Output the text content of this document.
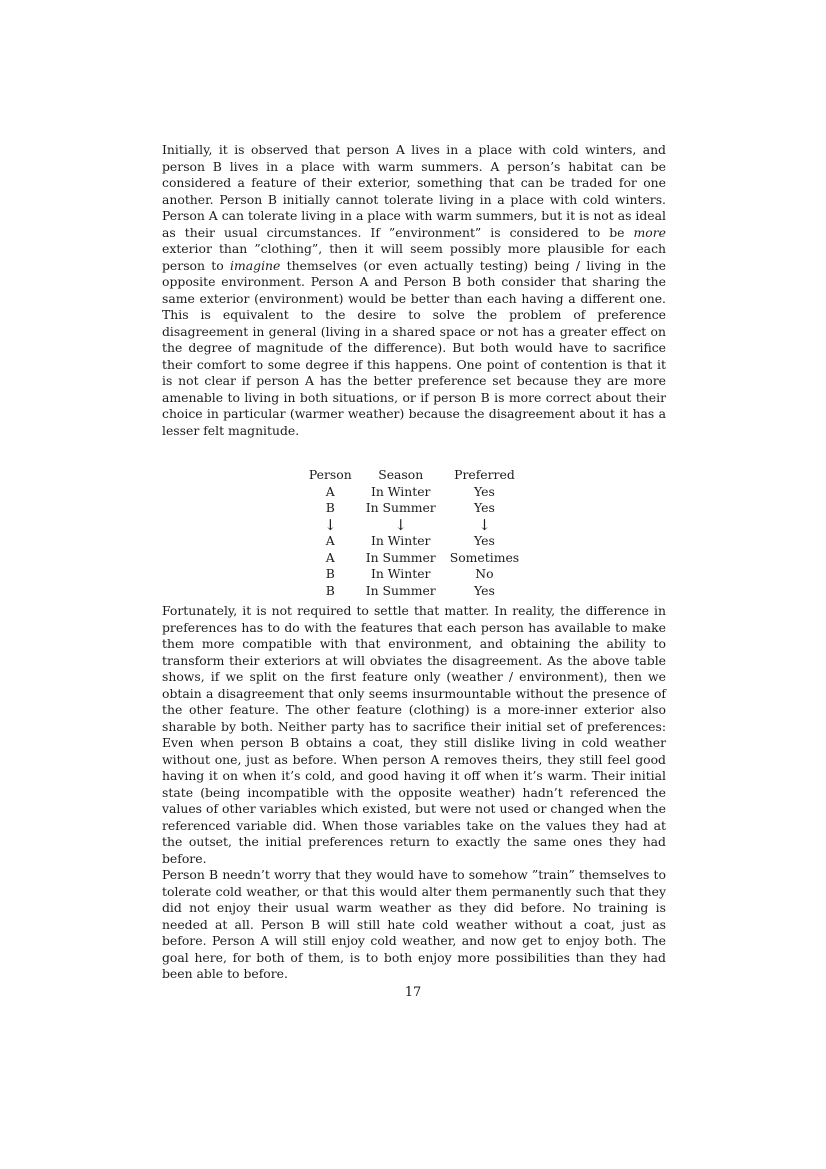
Initially, it is observed that person A lives in a place with cold winters, and person B lives in a place with warm summers. A person’s habitat can be considered a feature of their exterior, something that can be traded for one another. Person B initially cannot tolerate living in a place with cold winters. Person A can tolerate living in a place with warm summers, but it is not as ideal as their usual circumstances. If ”environment” is considered to be more exterior than ”clothing”, then it will seem possibly more plausible for each person to imagine themselves (or even actually testing) being / living in the opposite environment. Person A and Person B both consider that sharing the same exterior (environment) would be better than each having a different one. This is equivalent to the desire to solve the problem of preference disagreement in general (living in a shared space or not has a greater effect on the degree of magnitude of the difference). But both would have to sacrifice their comfort to some degree if this happens. One point of contention is that it is not clear if person A has the better preference set because they are more amenable to living in both situations, or if person B is more correct about their choice in particular (warmer weather) because the disagreement about it has a lesser felt magnitude.

Person	Season	Preferred
A	In Winter	Yes
B	In Summer	Yes
↓	↓	↓
A	In Winter	Yes
A	In Summer	Sometimes
B	In Winter	No
B	In Summer	Yes

Fortunately, it is not required to settle that matter. In reality, the difference in preferences has to do with the features that each person has available to make them more compatible with that environment, and obtaining the ability to transform their exteriors at will obviates the disagreement. As the above table shows, if we split on the first feature only (weather / environment), then we obtain a disagreement that only seems insurmountable without the presence of the other feature. The other feature (clothing) is a more-inner exterior also sharable by both. Neither party has to sacrifice their initial set of preferences: Even when person B obtains a coat, they still dislike living in cold weather without one, just as before. When person A removes theirs, they still feel good having it on when it’s cold, and good having it off when it’s warm. Their initial state (being incompatible with the opposite weather) hadn’t referenced the values of other variables which existed, but were not used or changed when the referenced variable did. When those variables take on the values they had at the outset, the initial preferences return to exactly the same ones they had before.

Person B needn’t worry that they would have to somehow ”train” themselves to tolerate cold weather, or that this would alter them permanently such that they did not enjoy their usual warm weather as they did before. No training is needed at all. Person B will still hate cold weather without a coat, just as before. Person A will still enjoy cold weather, and now get to enjoy both. The goal here, for both of them, is to both enjoy more possibilities than they had been able to before.

17
